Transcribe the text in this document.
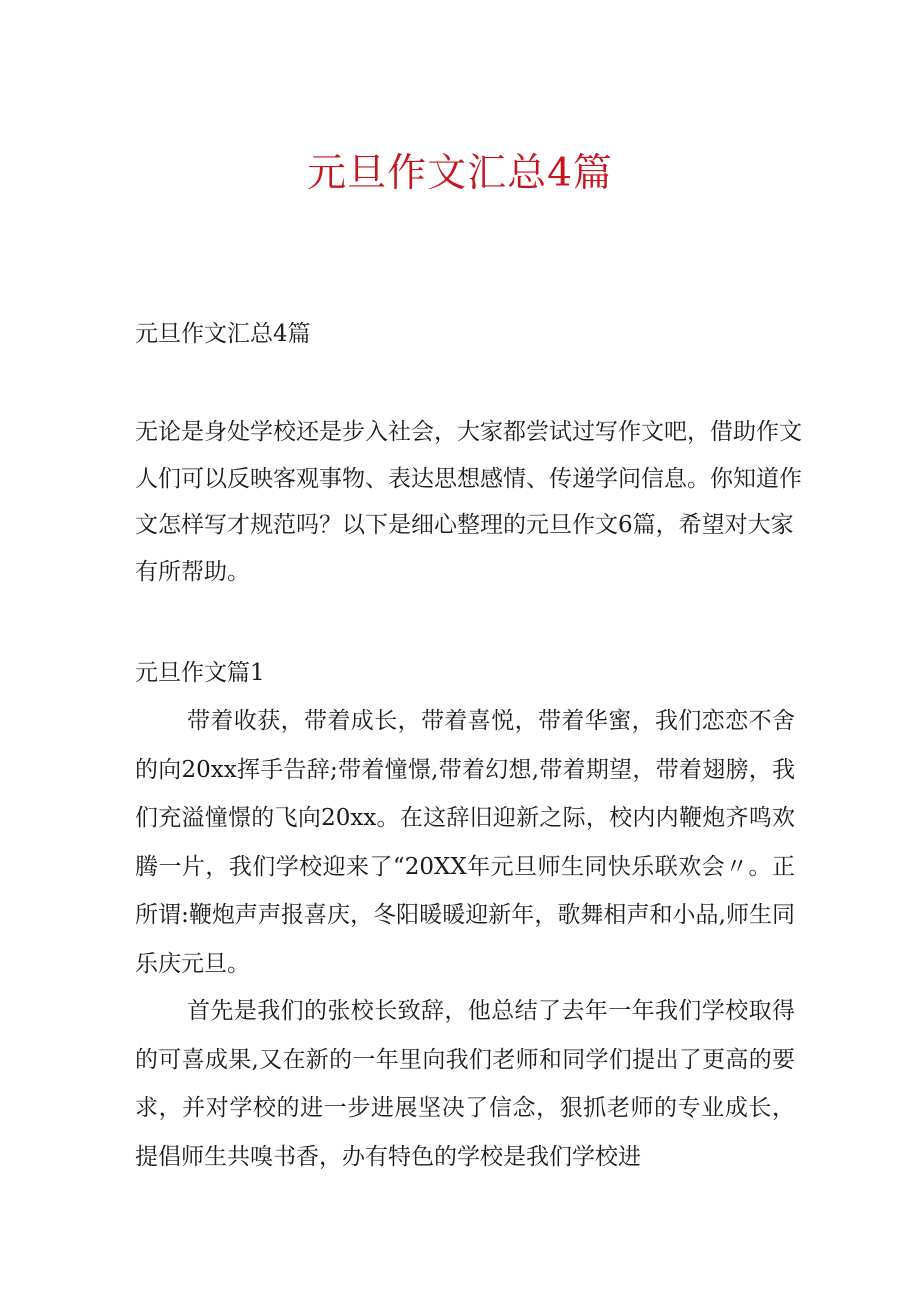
元旦作文汇总4篇

元旦作文汇总4篇

无论是身处学校还是步入社会，大家都尝试过写作文吧，借助作文人们可以反映客观事物、表达思想感情、传递学问信息。你知道作文怎样写才规范吗？以下是细心整理的元旦作文6篇，希望对大家有所帮助。

元旦作文篇1

带着收获，带着成长，带着喜悦，带着华蜜，我们恋恋不舍的向20xx挥手告辞;带着憧憬,带着幻想,带着期望，带着翅膀，我们充溢憧憬的飞向20xx。在这辞旧迎新之际，校内内鞭炮齐鸣欢腾一片，我们学校迎来了“20XX年元旦师生同快乐联欢会〃。正所谓:鞭炮声声报喜庆，冬阳暖暖迎新年，歌舞相声和小品,师生同乐庆元旦。

首先是我们的张校长致辞，他总结了去年一年我们学校取得的可喜成果,又在新的一年里向我们老师和同学们提出了更高的要求，并对学校的进一步进展坚决了信念，狠抓老师的专业成长，提倡师生共嗅书香，办有特色的学校是我们学校进
